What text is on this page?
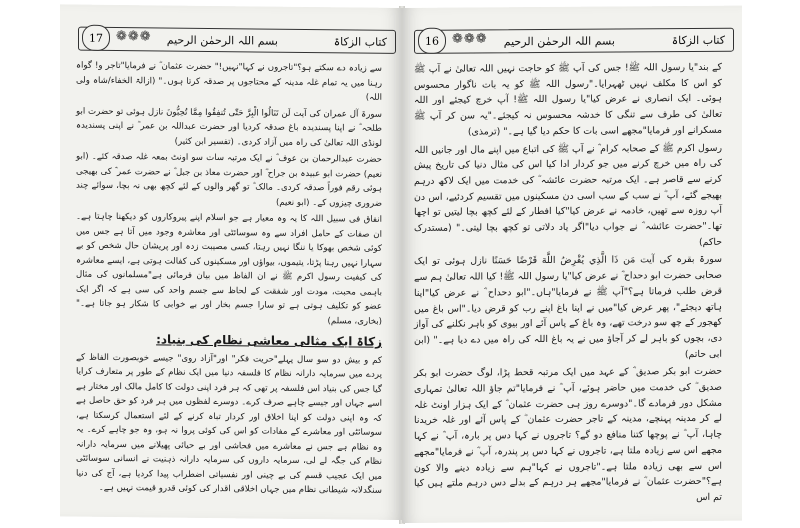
بسم اللہ الرحمٰن الرحیم	کتاب الزکاۃ
❁❁❁
17

سے زیادہ دے سکتے ہو؟"تاجروں نے کہا"نہیں!" حضرت عثمان ؓ نے فرمایا"تاجر و! گواہ رہنا میں یہ تمام غلہ مدینہ کے محتاجوں پر صدقہ کرتا ہوں۔" (ازالۃ الخفاء/شاہ ولی اللہ)

سورۃ آل عمران کی آیت لَن تَنَالُوا الْبِرَّ حَتّٰى تُنفِقُوا مِمَّا تُحِبُّونَ نازل ہوئی تو حضرت ابو طلحہ ؓ نے اپنا پسندیدہ باغ صدقہ کردیا اور حضرت عبداللہ بن عمر ؓ نے اپنی پسندیدہ لونڈی اللہ تعالیٰ کی راہ میں آزاد کردی۔ (تفسیر ابن کثیر)

حضرت عبدالرحمان بن عوف ؓ نے ایک مرتبہ سات سو اونٹ بمعہ غلہ صدقہ کئے۔ (ابو نعیم) حضرت ابو عبیدہ بن جراح ؓ اور حضرت معاذ بن جبل ؓ نے حضرت عمر ؓ کی بھیجی ہوئی رقم فوراً صدقہ کردی۔ مالک ؓ تو گھر والوں کے لئے کچھ بھی نہ بچا، سوائے چند ضروری چیزوں کے۔ (ابو نعیم)

انفاق فی سبیل اللہ کا یہ وہ معیار ہے جو اسلام اپنے پیروکاروں کو دیکھنا چاہتا ہے۔ ان صفات کے حامل افراد سے وہ سوسائٹی اور معاشرہ وجود میں آتا ہے جس میں کوئی شخص بھوکا یا ننگا نہیں رہتا، کسی مصیبت زدہ اور پریشان حال شخص کو بے سہارا نہیں رہنا پڑتا، یتیموں، بیواؤں اور مسکینوں کی کفالت ہوتی ہے، ایسے معاشرہ کی کیفیت رسول اکرم ﷺ نے ان الفاظ میں بیان فرمائی ہے"مسلمانوں کی مثال باہمی محبت، مودت اور شفقت کے لحاظ سے جسم واحد کی سی ہے کہ اگر ایک عضو کو تکلیف ہوتی ہے تو سارا جسم بخار اور بے خوابی کا شکار ہو جاتا ہے۔" (بخاری، مسلم)

زکاۃ ایک مثالی معاشی نظام کی بنیاد:

کم و بیش دو سو سال پہلے"حریت فکر" اور"آزاد روی" جیسے خوبصورت الفاظ کے پردے میں سرمایہ دارانہ نظام کا فلسفہ دنیا میں ایک نظام کے طور پر متعارف کرایا گیا جس کی بنیاد اس فلسفہ پر تھی کہ ہر فرد اپنی دولت کا کامل مالک اور مختار ہے اسے جہاں اور جیسے چاہے صرف کرے۔ دوسرے لفظوں میں ہر فرد کو حق حاصل ہے کہ وہ اپنی دولت کو اپنا اخلاق اور کردار تباہ کرنے کے لئے استعمال کرسکتا ہے، سوسائٹی اور معاشرے کے مفادات کو اس کی کوئی پروا نہ ہو، وہ جو چاہے کرے۔ یہ وہ نظام ہے جس نے معاشرے میں فحاشی اور بے حیائی پھیلانے میں سرمایہ دارانہ نظام کی جگہ لے لی، سرمایہ داروں کی سرمایہ دارانہ ذہنیت نے انسانی سوسائٹی میں ایک عجیب قسم کی بے چینی اور نفسیاتی اضطراب پیدا کردیا ہے، آج کی دنیا سنگدلانہ شیطانی نظام میں جہاں اخلاقی اقدار کی کوئی قدرو قیمت نہیں ہے۔

بسم اللہ الرحمٰن الرحیم	کتاب الزکاۃ
❁❁❁
16

کے بند"یا رسول اللہ ﷺ! جس کی آپ ﷺ کو حاجت نہیں اللہ تعالیٰ نے آپ ﷺ کو اس کا مکلف نہیں ٹھہرایا۔"رسول اللہ ﷺ کو یہ بات ناگوار محسوس ہوئی۔ ایک انصاری نے عرض کیا"یا رسول اللہ ﷺ! آپ خرچ کیجئے اور اللہ تعالیٰ کی طرف سے تنگی کا خدشہ محسوس نہ کیجئے۔"یہ سن کر آپ ﷺ مسکرانے اور فرمایا"مجھے اسی بات کا حکم دیا گیا ہے۔" (ترمذی)

رسول اکرم ﷺ کے صحابہ کرام ؓ نے آپ ﷺ کی اتباع میں اپنے مال اور جانیں اللہ کی راہ میں خرچ کرنے میں جو کردار ادا کیا اس کی مثال دنیا کی تاریخ پیش کرنے سے قاصر ہے۔ ایک مرتبہ حضرت عائشہ ؓ کی خدمت میں ایک لاکھ درہم بھیجے گئے، آپ ؓ نے سب کے سب اسی دن مسکینوں میں تقسیم کردئیے، اس دن آپ روزہ سے تھیں، خادمہ نے عرض کیا"کیا افطار کے لئے کچھ بچا لیتیں تو اچھا تھا۔"حضرت عائشہ ؓ نے جواب دیا"اگر یاد دلاتی تو کچھ بچا لیتی۔" (مستدرک حاکم)

سورۃ بقرہ کی آیت مَن ذَا الَّذِي يُقْرِضُ اللَّهَ قَرْضًا حَسَنًا نازل ہوئی تو ایک صحابی حضرت ابو دحداح ؓ نے عرض کیا"یا رسول اللہ ﷺ! کیا اللہ تعالیٰ ہم سے قرض طلب فرماتا ہے؟"آپ ﷺ نے فرمایا"ہاں۔"ابو دحداح ؓ نے عرض کیا"اپنا ہاتھ دیجئے"، پھر عرض کیا"میں نے اپنا باغ اپنے رب کو قرض دیا۔"اس باغ میں کھجور کے چھ سو درخت تھے، وہ باغ کے پاس آئے اور بیوی کو باہر نکلنے کی آواز دی، بچوں کو باہر لے کر آجاؤ میں نے یہ باغ اللہ کی راہ میں دے دیا ہے۔" (ابن ابی حاتم)

حضرت ابو بکر صدیق ؓ کے عہد میں ایک مرتبہ قحط پڑا، لوگ حضرت ابو بکر صدیق ؓ کی خدمت میں حاضر ہوئے، آپ ؓ نے فرمایا"تم جاؤ اللہ تعالیٰ تمہاری مشکل دور فرمادے گا۔"دوسرے روز ہی حضرت عثمان ؓ کے ایک ہزار اونٹ غلہ لے کر مدینہ پہنچے، مدینہ کے تاجر حضرت عثمان ؓ کے پاس آئے اور غلہ خریدنا چاہا، آپ ؓ نے پوچھا کتنا منافع دو گے؟ تاجروں نے کہا دس پر بارہ، آپ ؓ نے کہا مجھے اس سے زیادہ ملتا ہے، تاجروں نے کہا دس پر پندرہ، آپ ؓ نے فرمایا"مجھے اس سے بھی زیادہ ملتا ہے۔"تاجروں نے کہا"ہم سے زیادہ دینے والا کون ہے؟"حضرت عثمان ؓ نے فرمایا"مجھے ہر درہم کے بدلے دس درہم ملتے ہیں کیا تم اس
